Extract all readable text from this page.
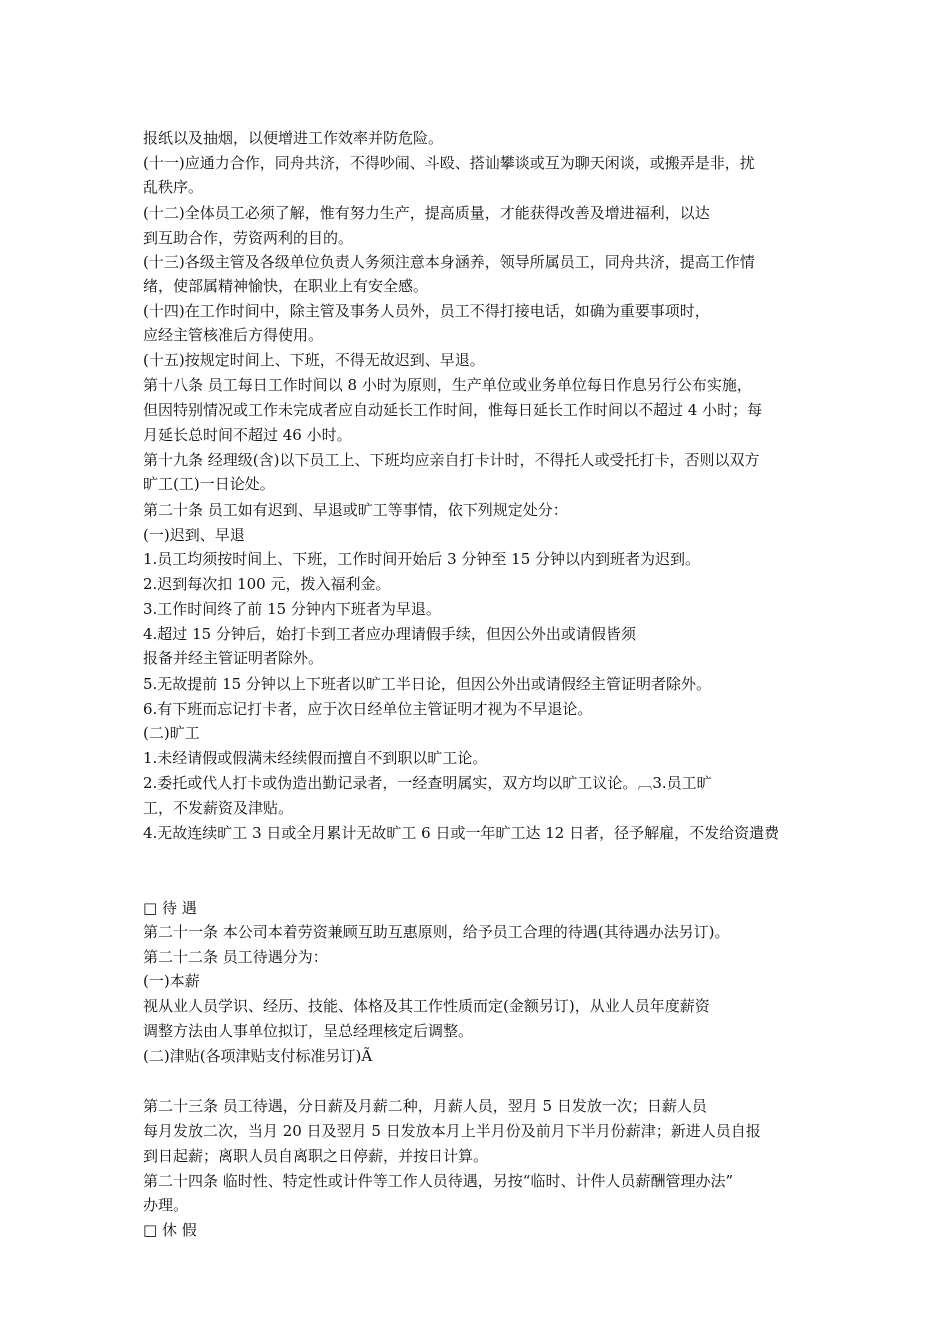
报纸以及抽烟，以便增进工作效率并防危险。
(十一)应通力合作，同舟共济，不得吵闹、斗殴、搭讪攀谈或互为聊天闲谈，或搬弄是非，扰
乱秩序。
(十二)全体员工必须了解，惟有努力生产，提高质量，才能获得改善及增进福利，以达
到互助合作，劳资两利的目的。
(十三)各级主管及各级单位负责人务须注意本身涵养，领导所属员工，同舟共济，提高工作情
绪，使部属精神愉快，在职业上有安全感。
(十四)在工作时间中，除主管及事务人员外，员工不得打接电话，如确为重要事项时，
应经主管核准后方得使用。
(十五)按规定时间上、下班，不得无故迟到、早退。
第十八条 员工每日工作时间以 8 小时为原则，生产单位或业务单位每日作息另行公布实施，
但因特别情况或工作未完成者应自动延长工作时间，惟每日延长工作时间以不超过 4 小时；每
月延长总时间不超过 46 小时。
第十九条 经理级(含)以下员工上、下班均应亲自打卡计时，不得托人或受托打卡，否则以双方
旷工(工)一日论处。
第二十条 员工如有迟到、早退或旷工等事情，依下列规定处分：
(一)迟到、早退
1.员工均须按时间上、下班，工作时间开始后 3 分钟至 15 分钟以内到班者为迟到。
2.迟到每次扣 100 元，拨入福利金。
3.工作时间终了前 15 分钟内下班者为早退。
4.超过 15 分钟后，始打卡到工者应办理请假手续，但因公外出或请假皆须
报备并经主管证明者除外。
5.无故提前 15 分钟以上下班者以旷工半日论，但因公外出或请假经主管证明者除外。
6.有下班而忘记打卡者，应于次日经单位主管证明才视为不早退论。
(二)旷工
1.未经请假或假满未经续假而擅自不到职以旷工论。
2.委托或代人打卡或伪造出勤记录者，一经查明属实，双方均以旷工议论。︹3.员工旷
工，不发薪资及津贴。
4.无故连续旷工 3 日或全月累计无故旷工 6 日或一年旷工达 12 日者，径予解雇，不发给资遣费
□ 待 遇
第二十一条 本公司本着劳资兼顾互助互惠原则，给予员工合理的待遇(其待遇办法另订)。
第二十二条 员工待遇分为：
(一)本薪
视从业人员学识、经历、技能、体格及其工作性质而定(金额另订)，从业人员年度薪资
调整方法由人事单位拟订，呈总经理核定后调整。
(二)津贴(各项津贴支付标准另订)Ã
第二十三条 员工待遇，分日薪及月薪二种，月薪人员，翌月 5 日发放一次；日薪人员
每月发放二次，当月 20 日及翌月 5 日发放本月上半月份及前月下半月份薪津；新进人员自报
到日起薪；离职人员自离职之日停薪，并按日计算。
第二十四条 临时性、特定性或计件等工作人员待遇，另按“临时、计件人员薪酬管理办法”
办理。
□ 休 假
